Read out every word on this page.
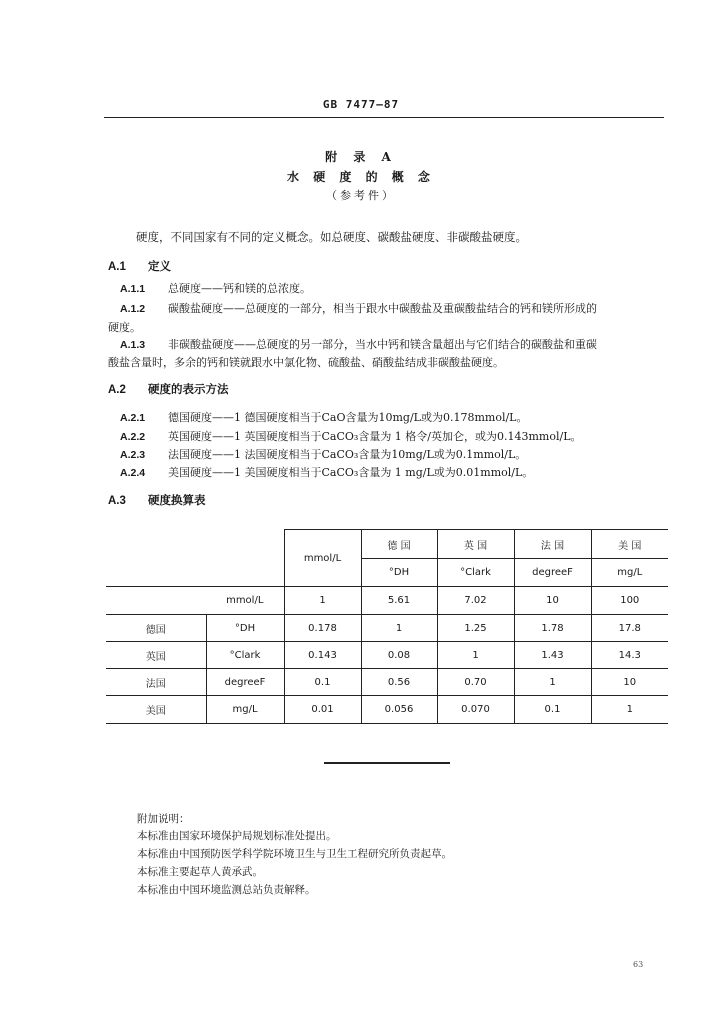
GB 7477—87
附 录 A
水 硬 度 的 概 念
（参考件）
硬度，不同国家有不同的定义概念。如总硬度、碳酸盐硬度、非碳酸盐硬度。
A.1 定义
A.1.1 总硬度——钙和镁的总浓度。
A.1.2 碳酸盐硬度——总硬度的一部分，相当于跟水中碳酸盐及重碳酸盐结合的钙和镁所形成的
硬度。
A.1.3 非碳酸盐硬度——总硬度的另一部分，当水中钙和镁含量超出与它们结合的碳酸盐和重碳
酸盐含量时，多余的钙和镁就跟水中氯化物、硫酸盐、硝酸盐结成非碳酸盐硬度。
A.2 硬度的表示方法
A.2.1 德国硬度——1 德国硬度相当于CaO含量为10mg/L或为0.178mmol/L。
A.2.2 英国硬度——1 英国硬度相当于CaCO₃含量为 1 格令/英加仑，或为0.143mmol/L。
A.2.3 法国硬度——1 法国硬度相当于CaCO₃含量为10mg/L或为0.1mmol/L。
A.2.4 美国硬度——1 美国硬度相当于CaCO₃含量为 1 mg/L或为0.01mmol/L。
A.3 硬度换算表
		mmol/L	德 国	英 国	法 国	美 国
			°DH	°Clark	degreeF	mg/L
	mmol/L	1	5.61	7.02	10	100
德国	°DH	0.178	1	1.25	1.78	17.8
英国	°Clark	0.143	0.08	1	1.43	14.3
法国	degreeF	0.1	0.56	0.70	1	10
美国	mg/L	0.01	0.056	0.070	0.1	1
附加说明：
本标准由国家环境保护局规划标准处提出。
本标准由中国预防医学科学院环境卫生与卫生工程研究所负责起草。
本标准主要起草人黄承武。
本标准由中国环境监测总站负责解释。
63
